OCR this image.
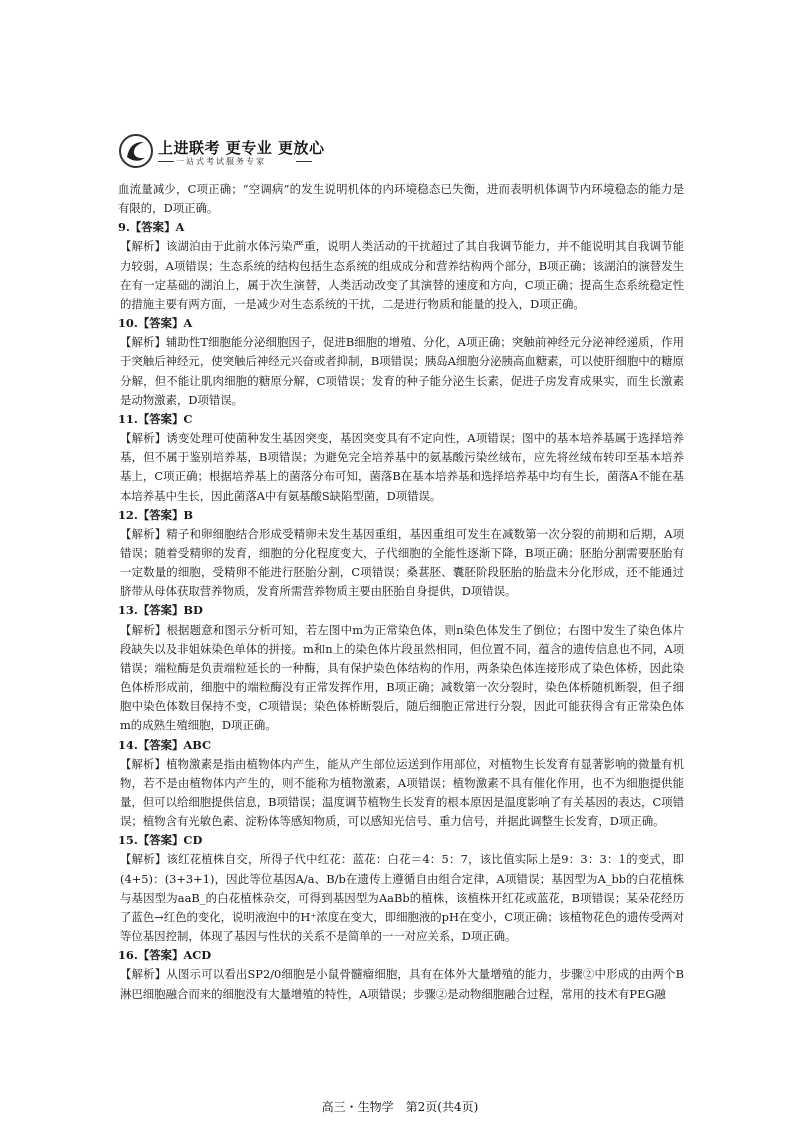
上进联考 更专业 更放心
一站式考试服务专家

血流量减少，C项正确；“空调病”的发生说明机体的内环境稳态已失衡，进而表明机体调节内环境稳态的能力是有限的，D项正确。

9.【答案】A

【解析】该湖泊由于此前水体污染严重，说明人类活动的干扰超过了其自我调节能力，并不能说明其自我调节能力较弱，A项错误；生态系统的结构包括生态系统的组成成分和营养结构两个部分，B项正确；该湖泊的演替发生在有一定基础的湖泊上，属于次生演替，人类活动改变了其演替的速度和方向，C项正确；提高生态系统稳定性的措施主要有两方面，一是减少对生态系统的干扰，二是进行物质和能量的投入，D项正确。

10.【答案】A

【解析】辅助性T细胞能分泌细胞因子，促进B细胞的增殖、分化，A项正确；突触前神经元分泌神经递质，作用于突触后神经元，使突触后神经元兴奋或者抑制，B项错误；胰岛A细胞分泌胰高血糖素，可以使肝细胞中的糖原分解，但不能让肌肉细胞的糖原分解，C项错误；发育的种子能分泌生长素，促进子房发育成果实，而生长激素是动物激素，D项错误。

11.【答案】C

【解析】诱变处理可使菌种发生基因突变，基因突变具有不定向性，A项错误；图中的基本培养基属于选择培养基，但不属于鉴别培养基，B项错误；为避免完全培养基中的氨基酸污染丝绒布，应先将丝绒布转印至基本培养基上，C项正确；根据培养基上的菌落分布可知，菌落B在基本培养基和选择培养基中均有生长，菌落A不能在基本培养基中生长，因此菌落A中有氨基酸S缺陷型菌，D项错误。

12.【答案】B

【解析】精子和卵细胞结合形成受精卵未发生基因重组，基因重组可发生在减数第一次分裂的前期和后期，A项错误；随着受精卵的发育，细胞的分化程度变大，子代细胞的全能性逐渐下降，B项正确；胚胎分割需要胚胎有一定数量的细胞，受精卵不能进行胚胎分割，C项错误；桑葚胚、囊胚阶段胚胎的胎盘未分化形成，还不能通过脐带从母体获取营养物质，发育所需营养物质主要由胚胎自身提供，D项错误。

13.【答案】BD

【解析】根据题意和图示分析可知，若左图中m为正常染色体，则n染色体发生了倒位；右图中发生了染色体片段缺失以及非姐妹染色单体的拼接。m和n上的染色体片段虽然相同，但位置不同，蕴含的遗传信息也不同，A项错误；端粒酶是负责端粒延长的一种酶，具有保护染色体结构的作用，两条染色体连接形成了染色体桥，因此染色体桥形成前，细胞中的端粒酶没有正常发挥作用，B项正确；减数第一次分裂时，染色体桥随机断裂，但子细胞中染色体数目保持不变，C项错误；染色体桥断裂后，随后细胞正常进行分裂，因此可能获得含有正常染色体m的成熟生殖细胞，D项正确。

14.【答案】ABC

【解析】植物激素是指由植物体内产生，能从产生部位运送到作用部位，对植物生长发育有显著影响的微量有机物，若不是由植物体内产生的，则不能称为植物激素，A项错误；植物激素不具有催化作用，也不为细胞提供能量，但可以给细胞提供信息，B项错误；温度调节植物生长发育的根本原因是温度影响了有关基因的表达，C项错误；植物含有光敏色素、淀粉体等感知物质，可以感知光信号、重力信号，并据此调整生长发育，D项正确。

15.【答案】CD

【解析】该红花植株自交，所得子代中红花：蓝花：白花＝4：5：7，该比值实际上是9：3：3：1的变式，即(4+5)：(3+3+1)，因此等位基因A/a、B/b在遗传上遵循自由组合定律，A项错误；基因型为A_bb的白花植株与基因型为aaB_的白花植株杂交，可得到基因型为AaBb的植株，该植株开红花或蓝花，B项错误；某朵花经历了蓝色→红色的变化，说明液泡中的H⁺浓度在变大，即细胞液的pH在变小，C项正确；该植物花色的遗传受两对等位基因控制，体现了基因与性状的关系不是简单的一一对应关系，D项正确。

16.【答案】ACD

【解析】从图示可以看出SP2/0细胞是小鼠骨髓瘤细胞，具有在体外大量增殖的能力，步骤②中形成的由两个B淋巴细胞融合而来的细胞没有大量增殖的特性，A项错误；步骤②是动物细胞融合过程，常用的技术有PEG融

高三・生物学　第2页(共4页)
